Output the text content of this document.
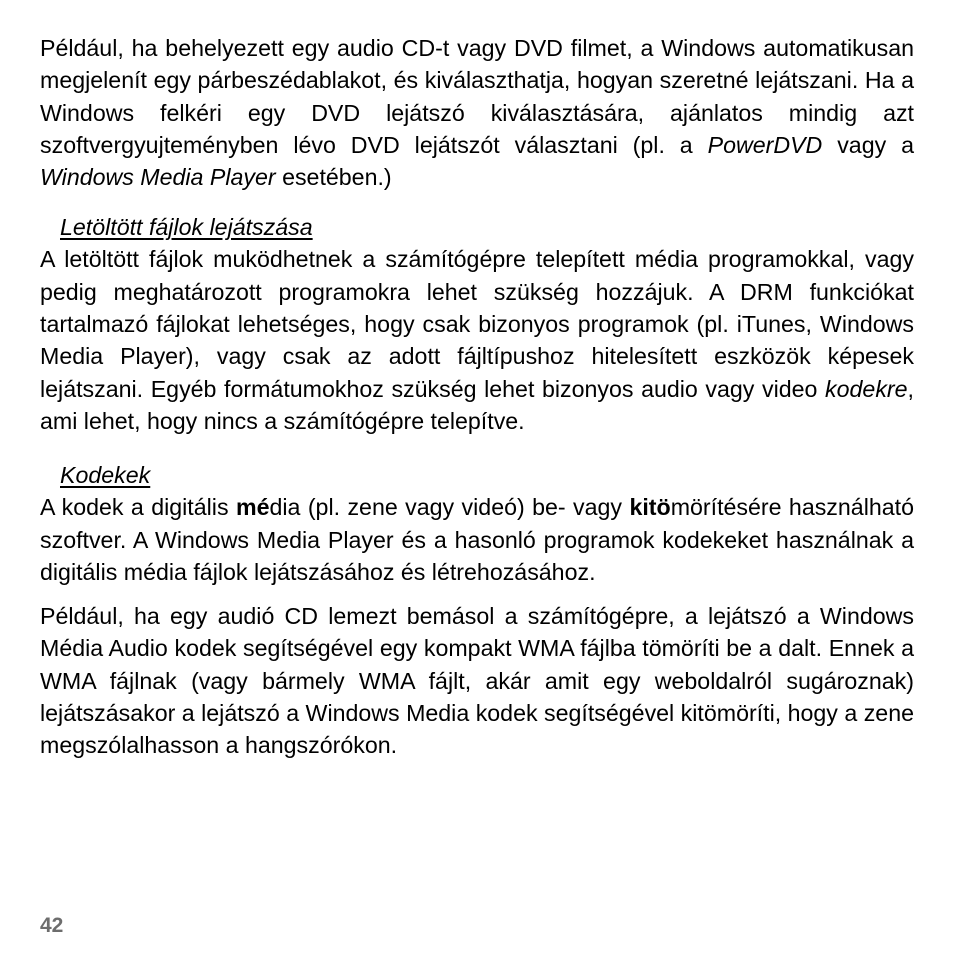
Például, ha behelyezett egy audio CD-t vagy DVD filmet, a Windows automatikusan megjelenít egy párbeszédablakot, és kiválaszthatja, hogyan szeretné lejátszani. Ha a Windows felkéri egy DVD lejátszó kiválasztására, ajánlatos mindig azt szoftvergyujteményben lévo DVD lejátszót választani (pl. a PowerDVD vagy a Windows Media Player esetében.)

Letöltött fájlok lejátszása

A letöltött fájlok muködhetnek a számítógépre telepített média programokkal, vagy pedig meghatározott programokra lehet szükség hozzájuk. A DRM funkciókat tartalmazó fájlokat lehetséges, hogy csak bizonyos programok (pl. iTunes, Windows Media Player), vagy csak az adott fájltípushoz hitelesített eszközök képesek lejátszani. Egyéb formátumokhoz szükség lehet bizonyos audio vagy video kodekre, ami lehet, hogy nincs a számítógépre telepítve.

Kodekek

A kodek a digitális média (pl. zene vagy videó) be- vagy kitömörítésére használható szoftver. A Windows Media Player és a hasonló programok kodekeket használnak a digitális média fájlok lejátszásához és létrehozásához.

Például, ha egy audió CD lemezt bemásol a számítógépre, a lejátszó a Windows Média Audio kodek segítségével egy kompakt WMA fájlba tömöríti be a dalt. Ennek a WMA fájlnak (vagy bármely WMA fájlt, akár amit egy weboldalról sugároznak) lejátszásakor a lejátszó a Windows Media kodek segítségével kitömöríti, hogy a zene megszólalhasson a hangszórókon.

42
